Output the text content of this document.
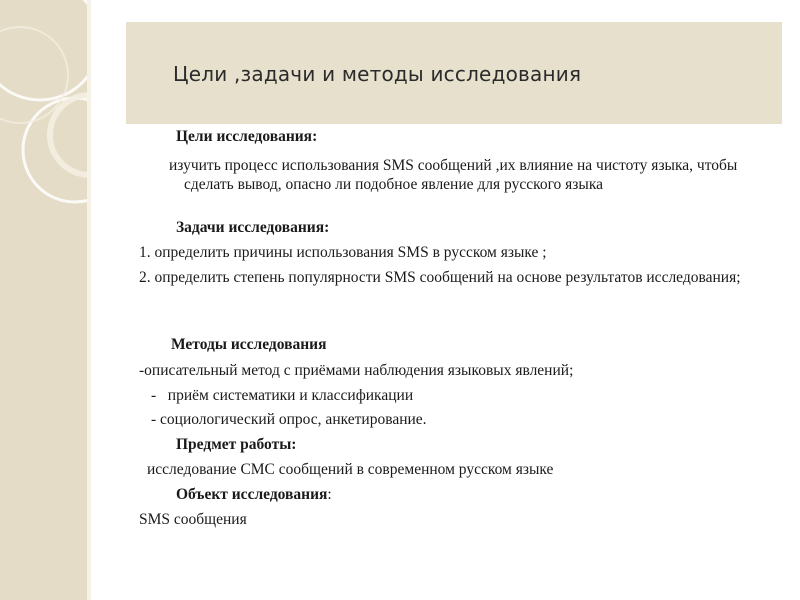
Цели ,задачи и методы исследования
Цели исследования:
изучить процесс использования SMS сообщений ,их влияние на чистоту языка, чтобы сделать вывод, опасно ли подобное явление для русского языка
Задачи исследования:
1. определить причины использования SMS в русском языке ;
2. определить степень популярности SMS сообщений на основе результатов исследования;
Методы исследования
-описательный метод с приёмами наблюдения языковых явлений;
-   приём систематики и классификации
- социологический опрос, анкетирование.
Предмет работы:
исследование СМС сообщений в современном русском языке
Объект исследования:
SMS сообщения
